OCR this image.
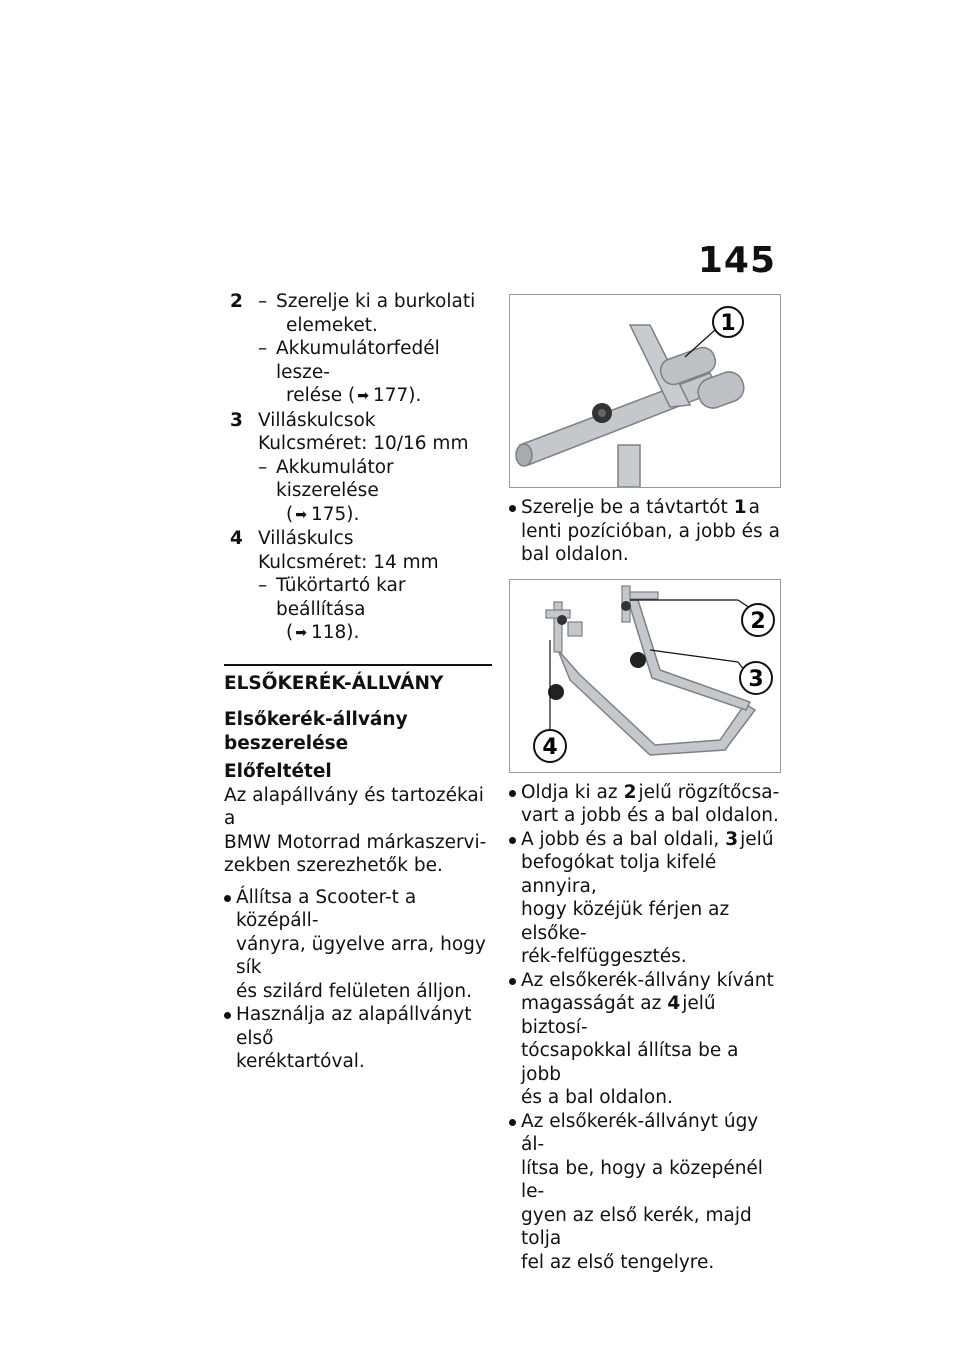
145
2 – Szerelje ki a burkolati
elemeket.
– Akkumulátorfedél lesze-
relése ( ➡ 177).
3 Villáskulcsok
Kulcsméret: 10/16 mm
– Akkumulátor kiszerelése
( ➡ 175).
4 Villáskulcs
Kulcsméret: 14 mm
– Tükörtartó kar beállítása
( ➡ 118).
ELSŐKERÉK-ÁLLVÁNY
Elsőkerék-állvány beszerelése
Előfeltétel
Az alapállvány és tartozékai a
BMW Motorrad márkaszervi-
zekben szerezhetők be.
Állítsa a Scooter-t a középáll-
ványra, ügyelve arra, hogy sík
és szilárd felületen álljon.
Használja az alapállványt első
keréktartóval.
1
Szerelje be a távtartót 1 a
lenti pozícióban, a jobb és a
bal oldalon.
2
3
4
Oldja ki az 2 jelű rögzítőcsa-
vart a jobb és a bal oldalon.
A jobb és a bal oldali, 3 jelű
befogókat tolja kifelé annyira,
hogy közéjük férjen az elsőke-
rék-felfüggesztés.
Az elsőkerék-állvány kívánt
magasságát az 4 jelű biztosí-
tócsapokkal állítsa be a jobb
és a bal oldalon.
Az elsőkerék-állványt úgy ál-
lítsa be, hogy a közepénél le-
gyen az első kerék, majd tolja
fel az első tengelyre.
